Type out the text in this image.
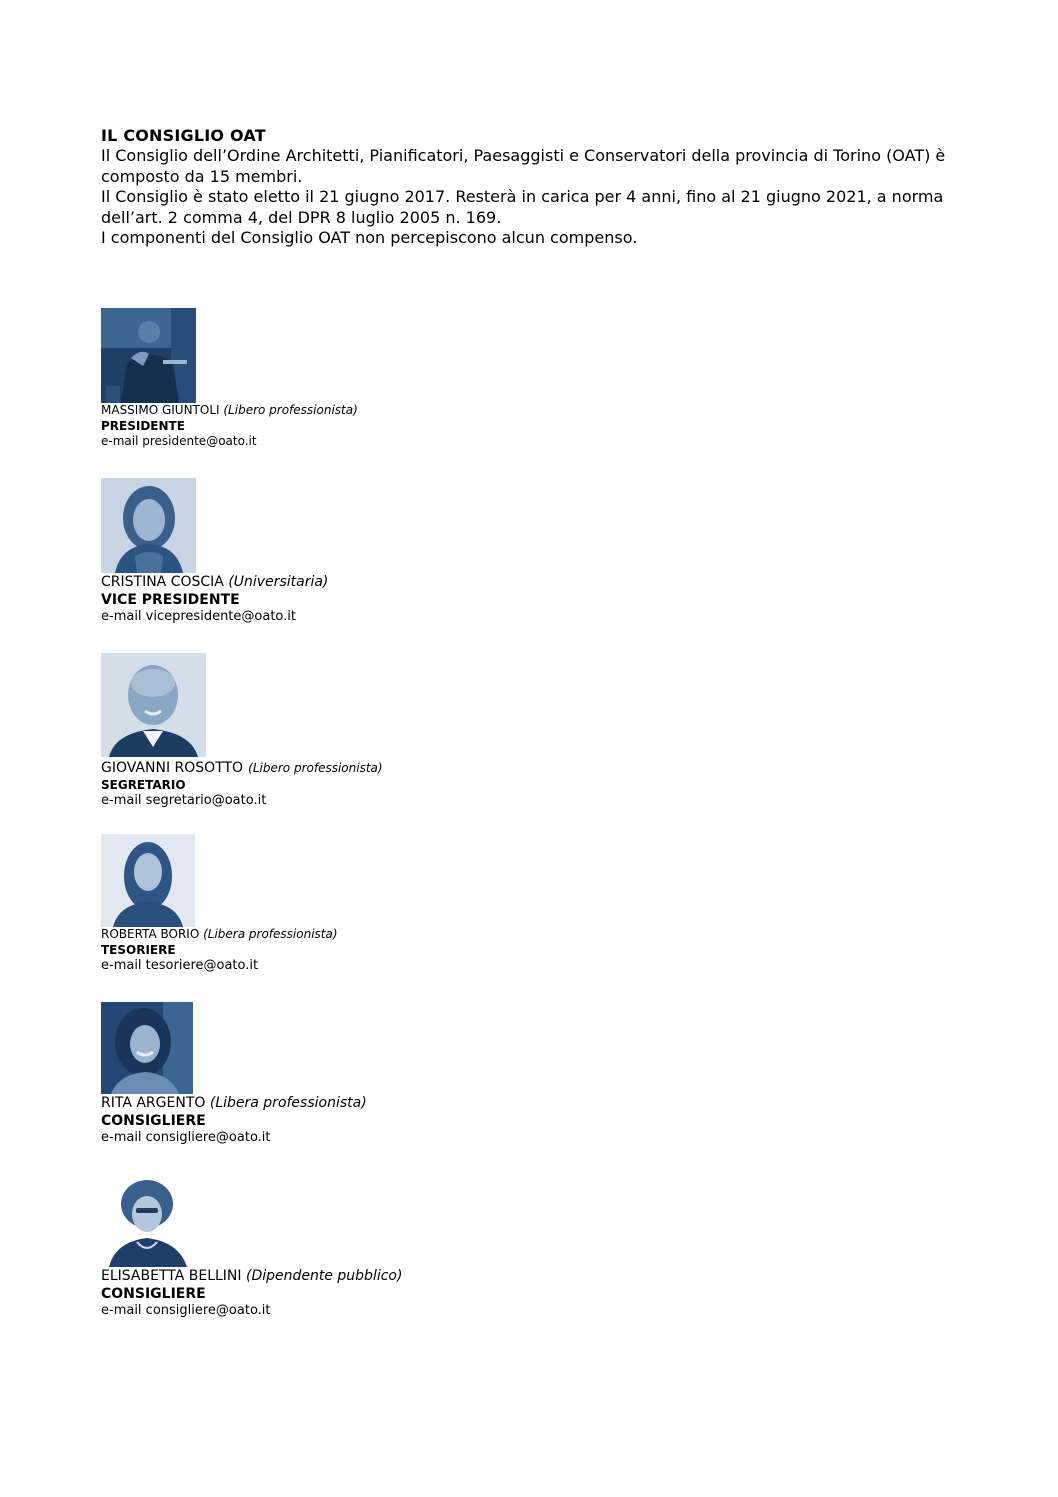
IL CONSIGLIO OAT

Il Consiglio dell’Ordine Architetti, Pianificatori, Paesaggisti e Conservatori della provincia di Torino (OAT) è composto da 15 membri.

Il Consiglio è stato eletto il 21 giugno 2017. Resterà in carica per 4 anni, fino al 21 giugno 2021, a norma dell’art. 2 comma 4, del DPR 8 luglio 2005 n. 169.

I componenti del Consiglio OAT non percepiscono alcun compenso.

MASSIMO GIUNTOLI (Libero professionista)
PRESIDENTE
e-mail presidente@oato.it
CRISTINA COSCIA (Universitaria)
VICE PRESIDENTE
e-mail vicepresidente@oato.it
GIOVANNI ROSOTTO (Libero professionista)
SEGRETARIO
e-mail segretario@oato.it
ROBERTA BORIO (Libera professionista)
TESORIERE
e-mail tesoriere@oato.it
RITA ARGENTO (Libera professionista)
CONSIGLIERE
e-mail consigliere@oato.it
ELISABETTA BELLINI (Dipendente pubblico)
CONSIGLIERE
e-mail consigliere@oato.it
